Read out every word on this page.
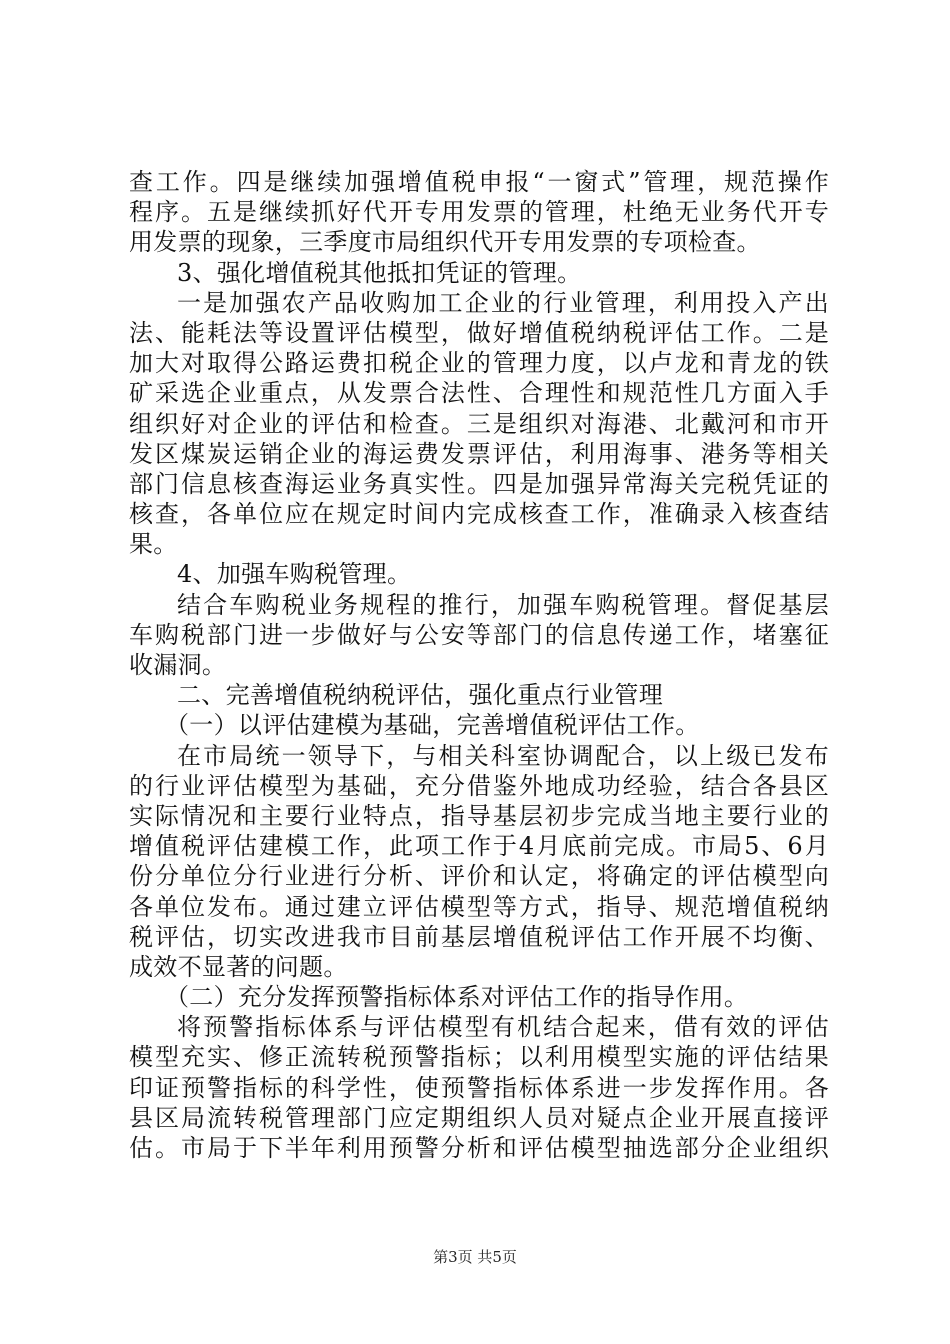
查工作。四是继续加强增值税申报“一窗式”管理，规范操作
程序。五是继续抓好代开专用发票的管理，杜绝无业务代开专
用发票的现象，三季度市局组织代开专用发票的专项检查。
3、强化增值税其他抵扣凭证的管理。
一是加强农产品收购加工企业的行业管理，利用投入产出
法、能耗法等设置评估模型，做好增值税纳税评估工作。二是
加大对取得公路运费扣税企业的管理力度，以卢龙和青龙的铁
矿采选企业重点，从发票合法性、合理性和规范性几方面入手
组织好对企业的评估和检查。三是组织对海港、北戴河和市开
发区煤炭运销企业的海运费发票评估，利用海事、港务等相关
部门信息核查海运业务真实性。四是加强异常海关完税凭证的
核查，各单位应在规定时间内完成核查工作，准确录入核查结
果。
4、加强车购税管理。
结合车购税业务规程的推行，加强车购税管理。督促基层
车购税部门进一步做好与公安等部门的信息传递工作，堵塞征
收漏洞。
二、完善增值税纳税评估，强化重点行业管理
（一）以评估建模为基础，完善增值税评估工作。
在市局统一领导下，与相关科室协调配合，以上级已发布
的行业评估模型为基础，充分借鉴外地成功经验，结合各县区
实际情况和主要行业特点，指导基层初步完成当地主要行业的
增值税评估建模工作，此项工作于4月底前完成。市局5、6月
份分单位分行业进行分析、评价和认定，将确定的评估模型向
各单位发布。通过建立评估模型等方式，指导、规范增值税纳
税评估，切实改进我市目前基层增值税评估工作开展不均衡、
成效不显著的问题。
（二）充分发挥预警指标体系对评估工作的指导作用。
将预警指标体系与评估模型有机结合起来，借有效的评估
模型充实、修正流转税预警指标；以利用模型实施的评估结果
印证预警指标的科学性，使预警指标体系进一步发挥作用。各
县区局流转税管理部门应定期组织人员对疑点企业开展直接评
估。市局于下半年利用预警分析和评估模型抽选部分企业组织
第3页 共5页
